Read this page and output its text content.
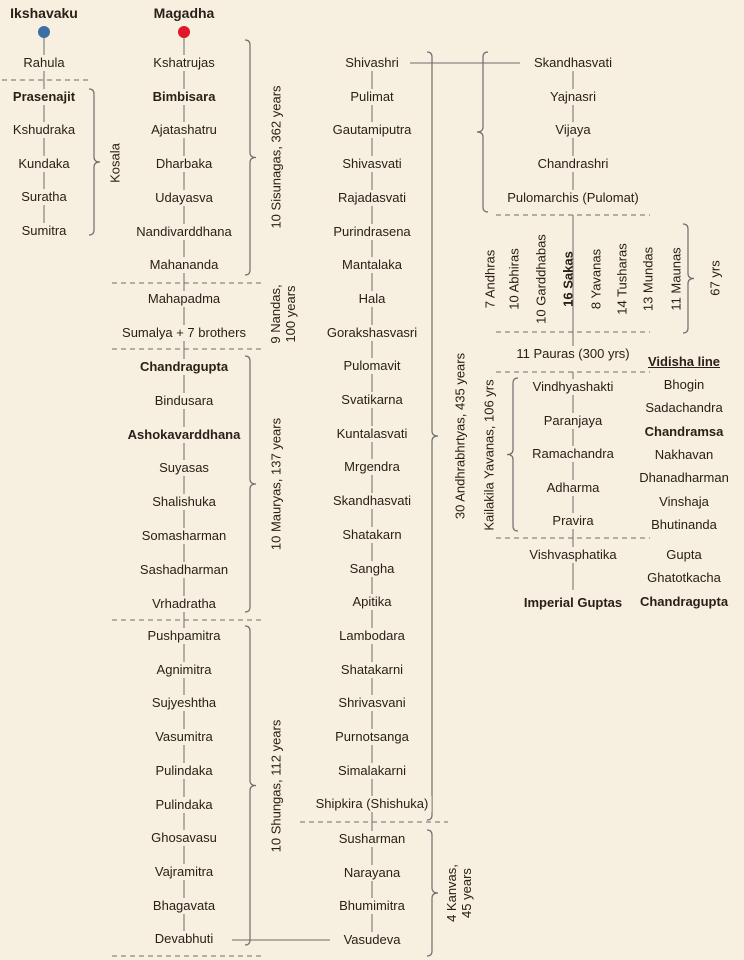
Ikshavaku
Rahula
Prasenajit
Kshudraka
Kundaka
Suratha
Sumitra
Kosala
Magadha
Kshatrujas
Bimbisara
Ajatashatru
Dharbaka
Udayasva
Nandivarddhana
Mahananda
Mahapadma
Sumalya + 7 brothers
Chandragupta
Bindusara
Ashokavarddhana
Suyasas
Shalishuka
Somasharman
Sashadharman
Vrhadratha
Pushpamitra
Agnimitra
Sujyeshtha
Vasumitra
Pulindaka
Pulindaka
Ghosavasu
Vajramitra
Bhagavata
Devabhuti
10 Sisunagas, 362 years
9 Nandas,
100 years
10 Mauryas, 137 years
10 Shungas, 112 years
Shivashri
Pulimat
Gautamiputra
Shivasvati
Rajadasvati
Purindrasena
Mantalaka
Hala
Gorakshasvasri
Pulomavit
Svatikarna
Kuntalasvati
Mrgendra
Skandhasvati
Shatakarn
Sangha
Apitika
Lambodara
Shatakarni
Shrivasvani
Purnotsanga
Simalakarni
Shipkira (Shishuka)
Susharman
Narayana
Bhumimitra
Vasudeva
30 Andhrabhrtyas, 435 years
4 Kanvas,
45 years
Skandhasvati
Yajnasri
Vijaya
Chandrashri
Pulomarchis (Pulomat)
7 Andhras 10 Abhiras 10 Garddhabas 16 Sakas 8 Yavanas 14 Tusharas 13 Mundas 11 Maunas 67 yrs
11 Pauras (300 yrs)
Vindhyashakti
Paranjaya
Ramachandra
Adharma
Pravira
Kailakila Yavanas, 106 yrs
Vishvasphatika
Imperial Guptas
Vidisha line
Bhogin
Sadachandra
Chandramsa
Nakhavan
Dhanadharman
Vinshaja
Bhutinanda
Gupta
Ghatotkacha
Chandragupta
